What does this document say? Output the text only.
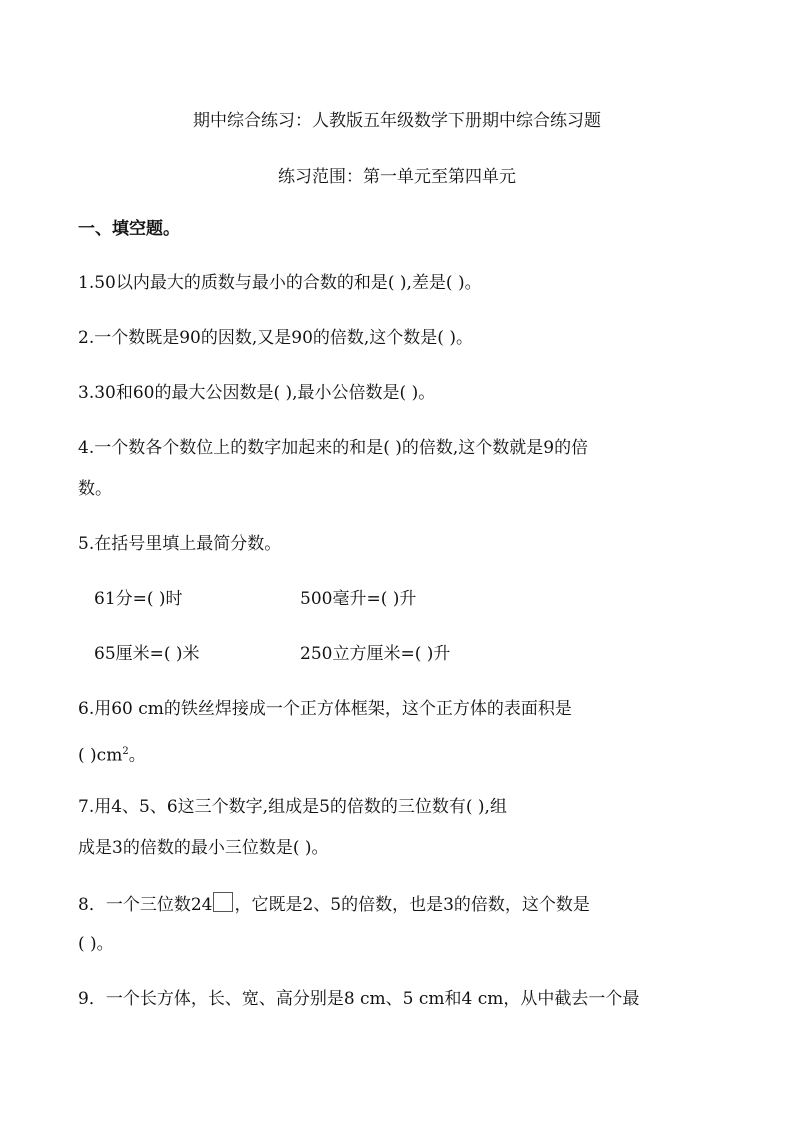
期中综合练习：人教版五年级数学下册期中综合练习题
练习范围：第一单元至第四单元
一、填空题。
1.50以内最大的质数与最小的合数的和是( ),差是( )。
2.一个数既是90的因数,又是90的倍数,这个数是( )。
3.30和60的最大公因数是( ),最小公倍数是( )。
4.一个数各个数位上的数字加起来的和是( )的倍数,这个数就是9的倍
数。
5.在括号里填上最简分数。
61分=( )时	500毫升=( )升
65厘米=( )米	250立方厘米=( )升
6.用60 cm的铁丝焊接成一个正方体框架，这个正方体的表面积是
( )$cm^2$。
7.用4、5、6这三个数字,组成是5的倍数的三位数有( ),组
成是3的倍数的最小三位数是( )。
8．一个三位数24 ，它既是2、5的倍数，也是3的倍数，这个数是
( )。
9．一个长方体，长、宽、高分别是8 cm、5 cm和4 cm，从中截去一个最
